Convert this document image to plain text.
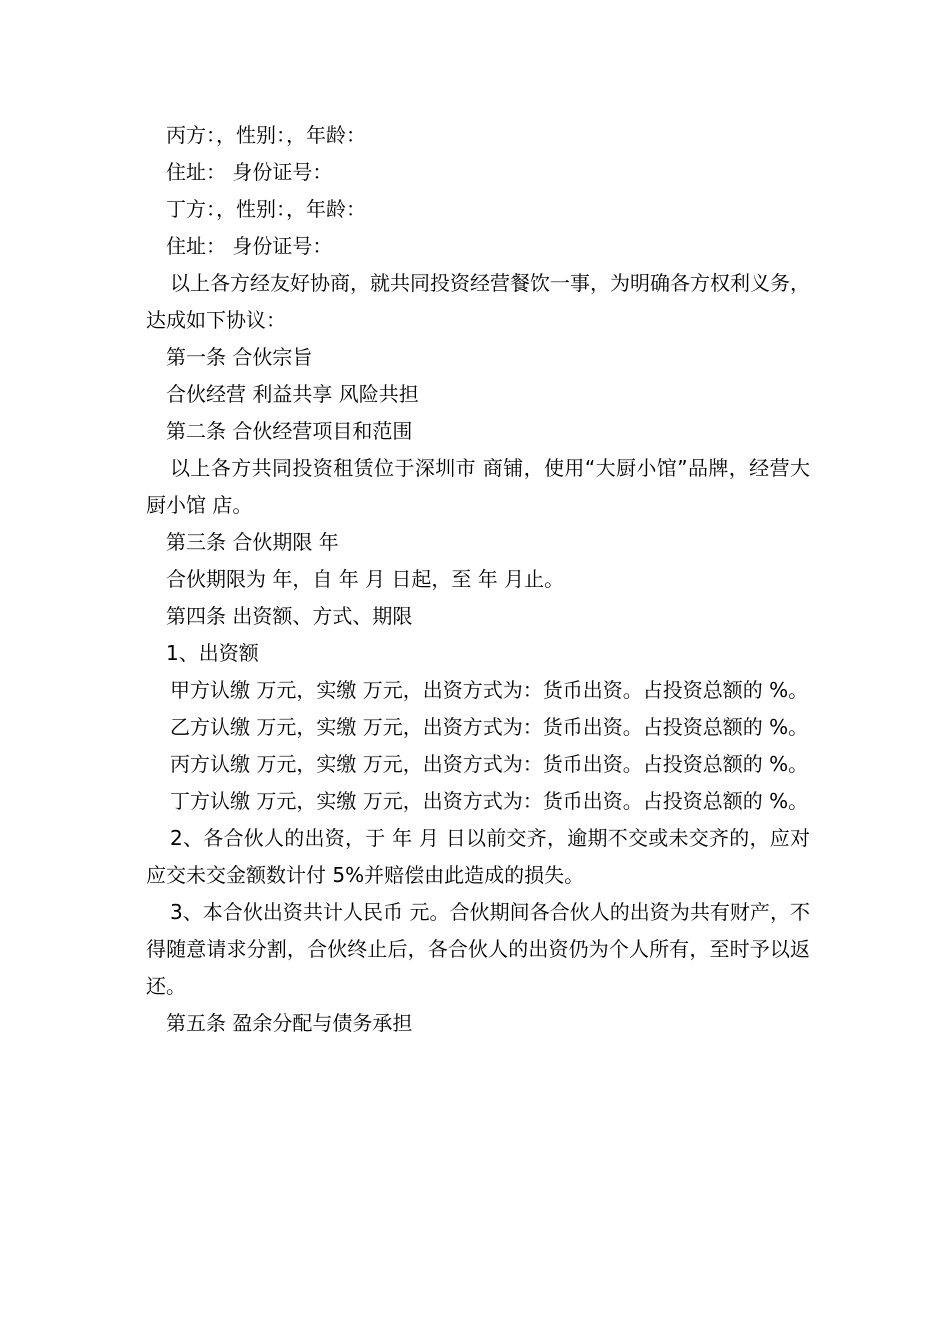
丙方：，性别：，年龄：

住址： 身份证号：

丁方：，性别：，年龄：

住址： 身份证号：

以上各方经友好协商，就共同投资经营餐饮一事，为明确各方权利义务，达成如下协议：

第一条 合伙宗旨

合伙经营 利益共享 风险共担

第二条 合伙经营项目和范围

以上各方共同投资租赁位于深圳市 商铺，使用“大厨小馆”品牌，经营大厨小馆 店。

第三条 合伙期限 年

合伙期限为 年，自 年 月 日起，至 年 月止。

第四条 出资额、方式、期限

1、出资额

甲方认缴 万元，实缴 万元，出资方式为：货币出资。占投资总额的 %。

乙方认缴 万元，实缴 万元，出资方式为：货币出资。占投资总额的 %。

丙方认缴 万元，实缴 万元，出资方式为：货币出资。占投资总额的 %。

丁方认缴 万元，实缴 万元，出资方式为：货币出资。占投资总额的 %。

2、各合伙人的出资，于 年 月 日以前交齐，逾期不交或未交齐的，应对应交未交金额数计付 5%并赔偿由此造成的损失。

3、本合伙出资共计人民币 元。合伙期间各合伙人的出资为共有财产，不得随意请求分割，合伙终止后，各合伙人的出资仍为个人所有，至时予以返还。

第五条 盈余分配与债务承担
